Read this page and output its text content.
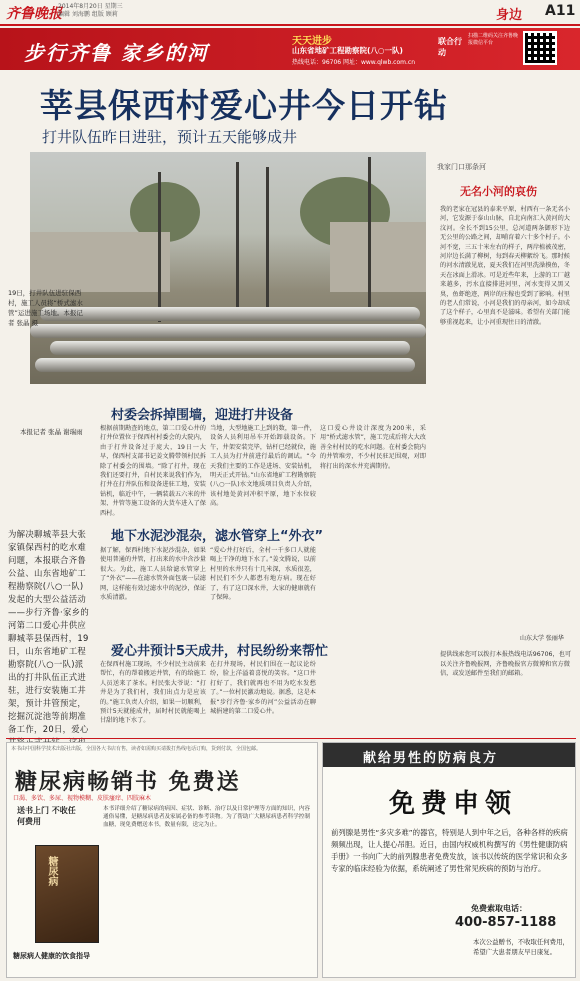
齐鲁晚报
2014年8月20日 星期三
编辑 刘海鹏 组版 顾莉	身边 A11
步行齐鲁 家乡的河	天天进步
山东省地矿工程勘察院(八○一队)
热线电话：96706 网址：www.qlwb.com.cn
联合行动
扫描二维码关注齐鲁晚报微信平台
莘县保西村爱心井今日开钻
打井队伍昨日进驻，预计五天能够成井
19日，打井队伍进驻保西村，施工人员将“桥式滤水管”运进施工场地。本报记者 张晶 摄
本报记者 张晶 谢瑞雨
为解决聊城莘县大张家镇保西村的吃水难问题，本报联合齐鲁公益、山东省地矿工程勘察院(八○一队)发起的大型公益活动——步行齐鲁·家乡的河第二口爱心井供应聊城莘县保西村，19日，山东省地矿工程勘察院(八○一队)派出的打井队伍正式进驻，进行安装施工井架，预计井管预定，挖掘沉淀池等前期准备工作，20日，爱心
村委会拆掉围墙，迎进打井设备
根据前期勘查的地点，第二口爱心井的打井位置位于保西村村委会的大院内，由于打井设备过于庞大，19日一大早，保西村支部书记姜文腾带领村民拆除了村委会的围墙。“除了打井，现在我们还要打井，自村民来说我们作为，打井在打井队伍和设备进驻工地，安装钻机，临近中午，一辆装载五六米的井架、井管等施工设备的大货车进入了保西村。
当地，大型地施工上到的数，第一件，设备人员利用吊车开始卸载设备。下午，井架安装完毕，钻杆已经就位，施工人员为打井前进行最后的调试。“今天我们主要的工作是进场、安装钻机，明天正式开钻。”山东省地矿工程勘察院(八○一队)水文地质项目负责人介绍，该村地处黄河冲积平原，地下水位较高。
这口爱心井设计深度为200米，采用“桥式滤水管”，施工完成后将大大改善全村村民的吃水问题。在村委会院内的井管堆旁，不少村民驻足围观，对即将打出的深水井充满期待。
地下水泥沙混杂，滤水管穿上“外衣”
据了解，保西村地下水泥沙混杂，如果使用普通的井管，打出来的水中含沙量很大。为此，施工人员给滤水管穿上了“外衣”——在滤水管外面包裹一层滤网，这样能有效过滤水中的泥沙，保证水质清澈。
“爱心井打好后，全村一千多口人就能喝上干净的地下水了。”姜文腾说，以前村里的水井只有十几米深，水质很差，村民们不少人都患有地方病。现在好了，有了这口深水井，大家的健康就有了保障。
爱心井预计5天成井，村民纷纷来帮忙
在保西村施工现场，不少村民主动前来帮忙，有的帮着搬运井管，有的给施工人员送来了茶水。村民张大爷说：“打井是为了我们村，我们出点力是应该的。”施工负责人介绍，如果一切顺利，预计5天就能成井，届时村民就能喝上甘甜的地下水了。
在打井现场，村民们围在一起议论纷纷，脸上洋溢着喜悦的笑容。“这口井打好了，我们就再也不用为吃水发愁了。”一位村民激动地说。据悉，这是本报“步行齐鲁·家乡的河”公益活动在聊城捐建的第二口爱心井。
我家门口那条河
无名小河的哀伤
我的老家在冠县的泰来平原，村西有一条无名小河，它发源于泰山山脉，自北向南汇入黄河的大汶河。全长不到15公里，总河道两条御形下边无公里的公路之间，却哺育着六十多个村子。小河不宽，三五十米左右的样子，两岸植被茂密，河岸边长满了柳树，每到春天柳絮纷飞。那时候的河水清澈见底，夏天我们在河里洗澡摸鱼，冬天在冰面上滑冰。可是近些年来，上游的工厂越来越多，污水直接排进河里，河水变得又黑又臭，鱼虾绝迹，两岸的庄稼也受到了影响。村里的老人们常说，小河是我们的母亲河，如今却成了这个样子，心里真不是滋味。希望有关部门能够重视起来，让小河重现往日的清澈。
山东大学 张丽华
提供线索您可以拨打本报热线电话96706，也可以关注齐鲁晚报网，齐鲁晚报官方微博和官方微信，或发送邮件至我们的邮箱。
本书由中国科学技术出版社出版，全国各大书店有售，读者如需购买请拨打热线电话订购，货到付款，全国包邮。
糖尿病畅销书 免费送
口渴、多饮、多尿、视物模糊、皮肤瘙痒、四肢麻木
送书上门 不收任何费用
糖尿病
本书详细介绍了糖尿病的病因、症状、诊断、治疗以及日常护理等方面的知识，内容通俗易懂，是糖尿病患者及家属必备的参考读物。为了帮助广大糖尿病患者科学控制血糖，现免费赠送本书，数量有限，送完为止。
糖尿病人健康的饮食指导
献给男性的防病良方
免费申领
前列腺是男性“多灾多难”的器官，特别是人到中年之后，各种各样的疾病频频出现，让人提心吊胆。近日，由国内权威机构撰写的《男性健康防病手册》一书向广大的前列腺患者免费发放，该书以传统的医学常识和众多专家的临床经验为依据，系统阐述了男性常见疾病的预防与治疗。
免费索取电话：
400-857-1188
本次公益赠书，不收取任何费用，希望广大患者朋友早日康复。
